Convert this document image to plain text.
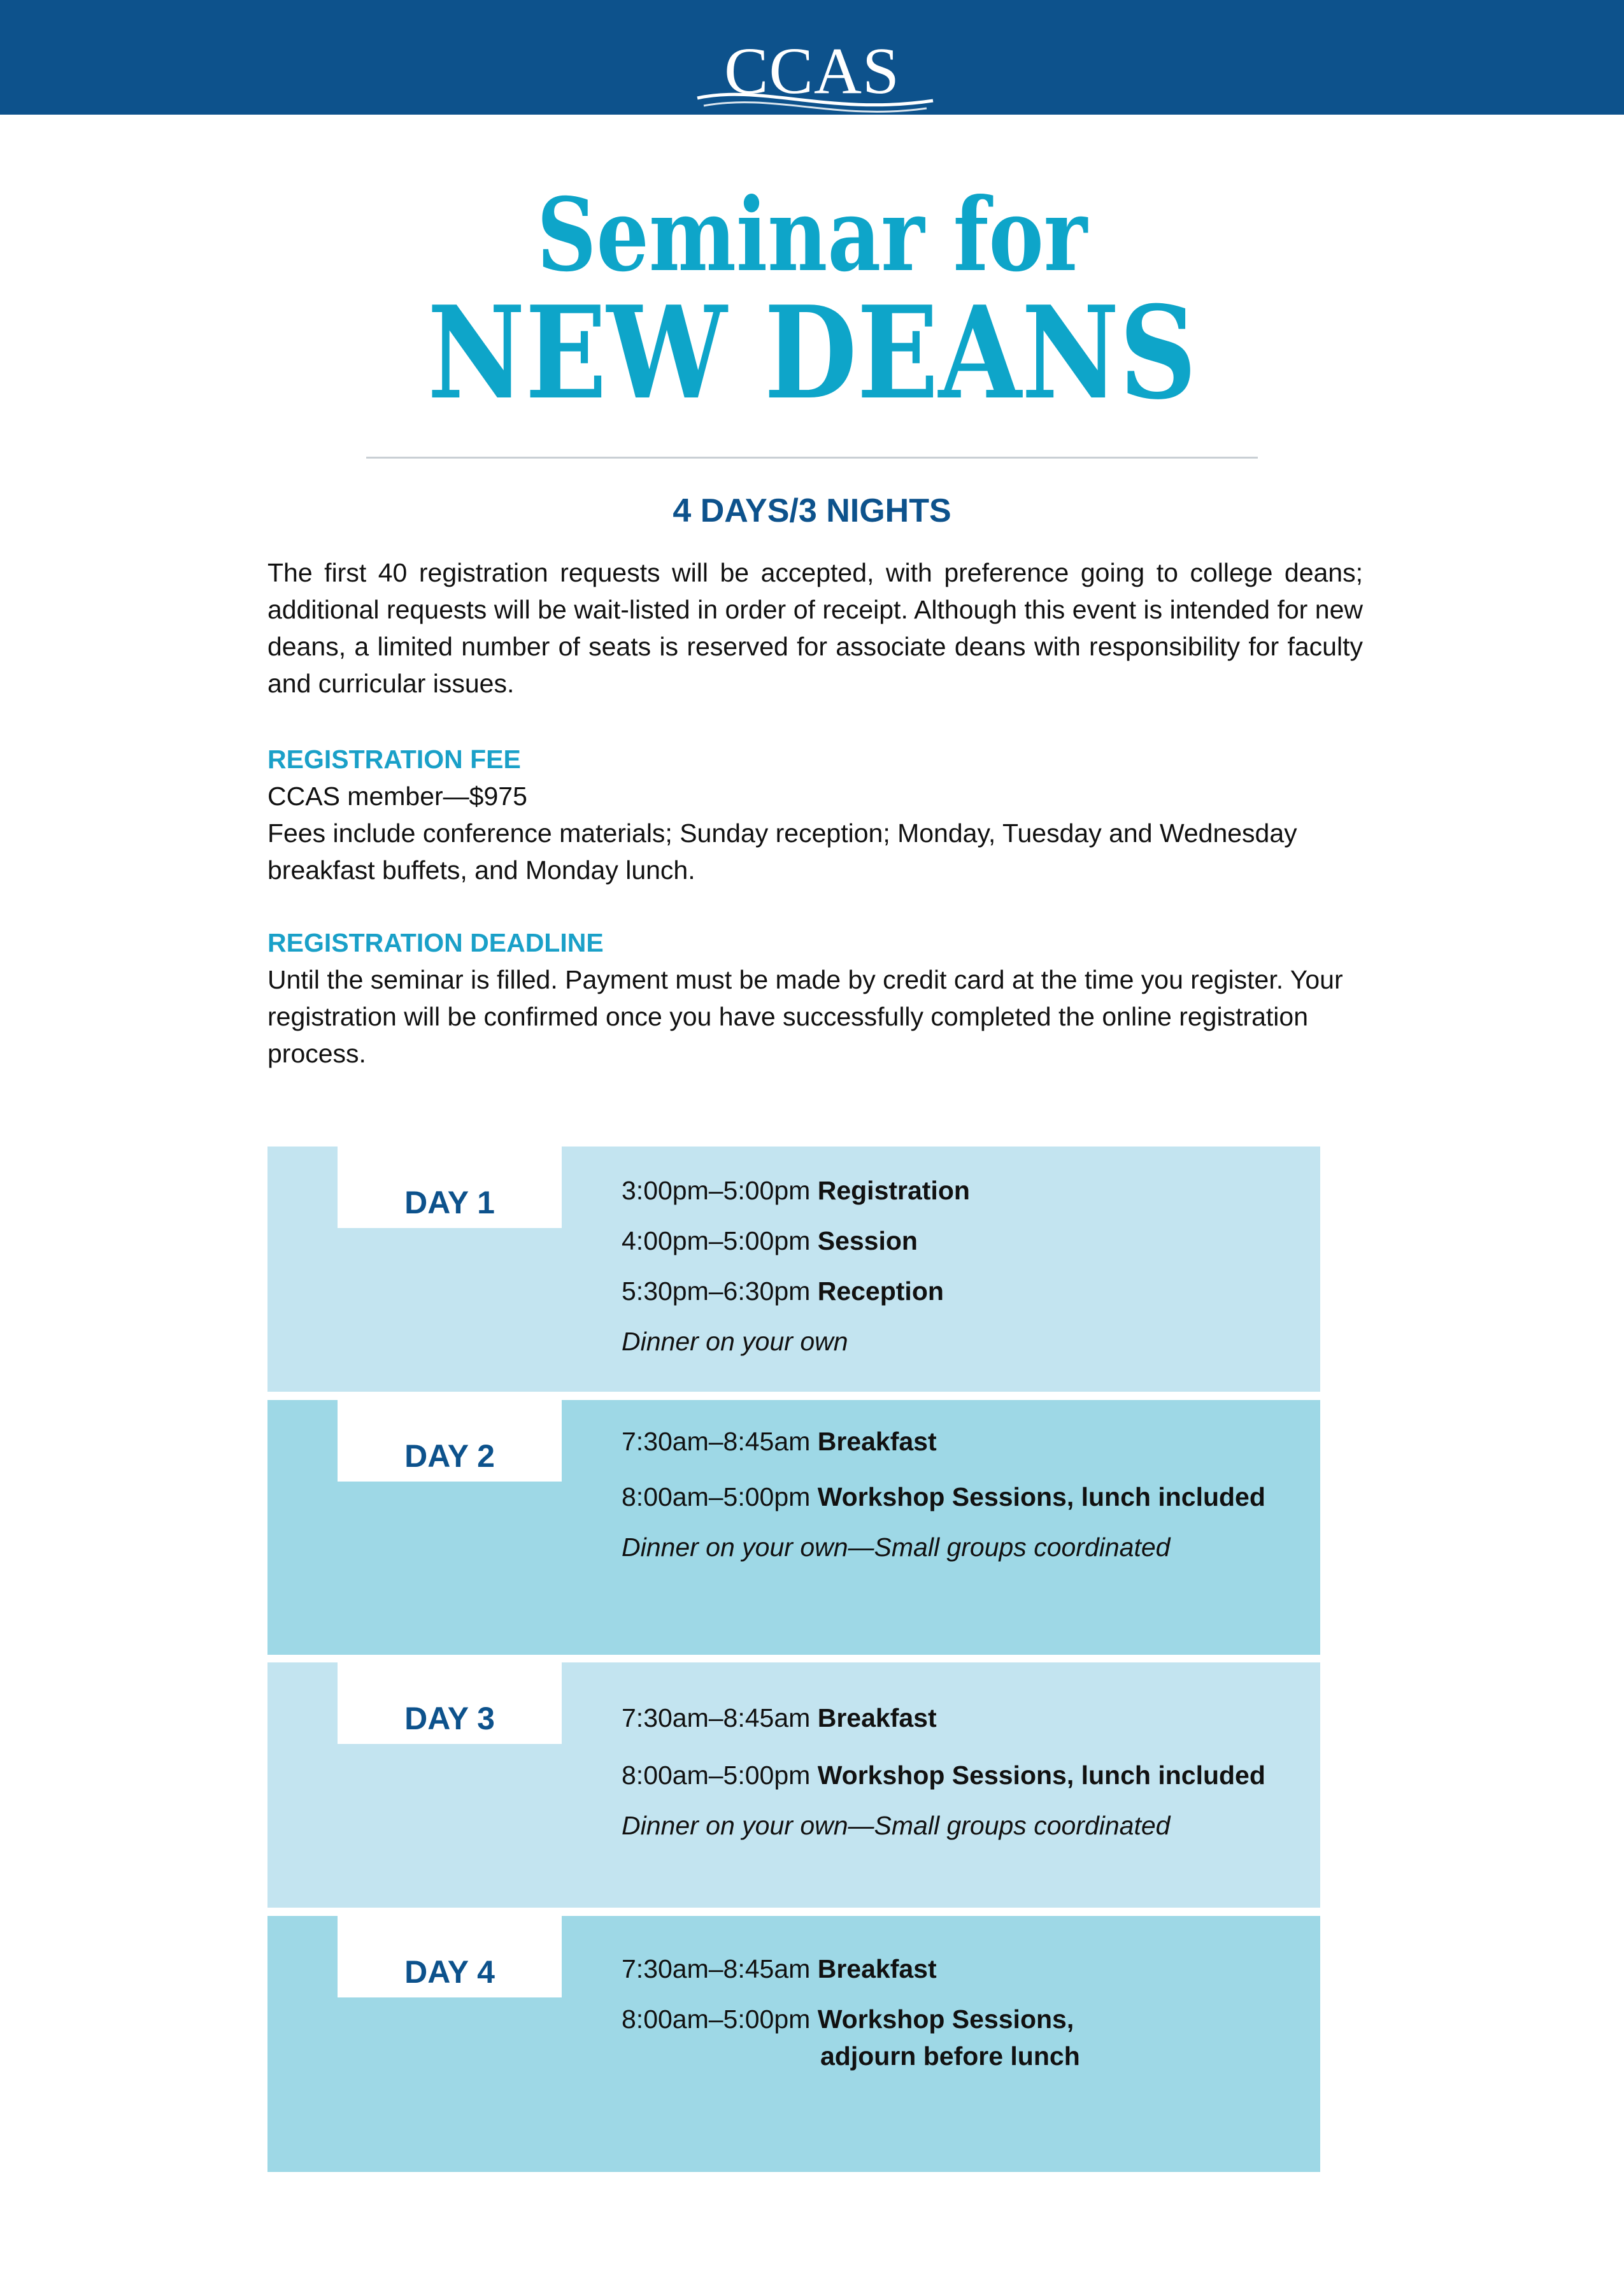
CCAS
Seminar for
NEW DEANS
4 DAYS/3 NIGHTS
The first 40 registration requests will be accepted, with preference going to college deans; additional requests will be wait-listed in order of receipt. Although this event is intended for new deans, a limited number of seats is reserved for associate deans with responsibility for faculty and curricular issues.
REGISTRATION FEE
CCAS member—$975
Fees include conference materials; Sunday reception; Monday, Tuesday and Wednesday breakfast buffets, and Monday lunch.
REGISTRATION DEADLINE
Until the seminar is filled. Payment must be made by credit card at the time you register. Your registration will be confirmed once you have successfully completed the online registration process.
DAY 1	3:00pm–5:00pm Registration
4:00pm–5:00pm Session
5:30pm–6:30pm Reception
Dinner on your own
DAY 2	7:30am–8:45am Breakfast
8:00am–5:00pm Workshop Sessions, lunch included
Dinner on your own—Small groups coordinated
DAY 3	7:30am–8:45am Breakfast
8:00am–5:00pm Workshop Sessions, lunch included
Dinner on your own—Small groups coordinated
DAY 4	7:30am–8:45am Breakfast
8:00am–5:00pm Workshop Sessions,
adjourn before lunch
